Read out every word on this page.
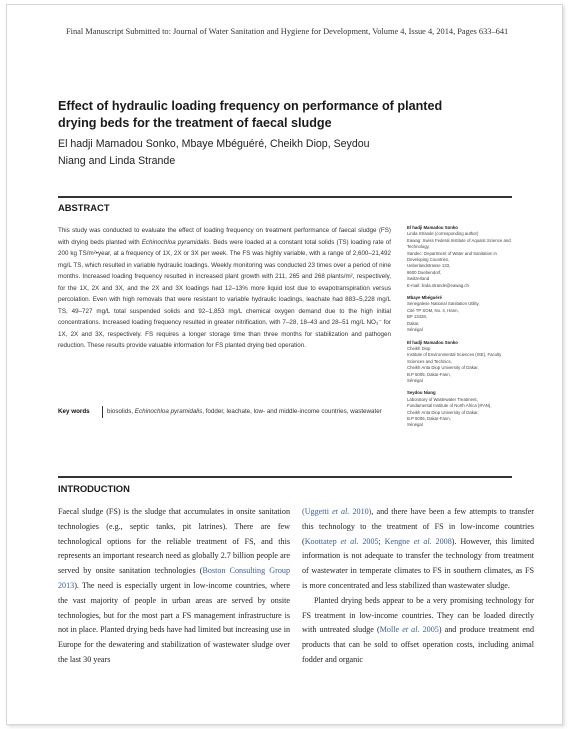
Final Manuscript Submitted to: Journal of Water Sanitation and Hygiene for Development, Volume 4, Issue 4, 2014, Pages 633–641
Effect of hydraulic loading frequency on performance of planted drying beds for the treatment of faecal sludge
El hadji Mamadou Sonko, Mbaye Mbéguéré, Cheikh Diop, Seydou Niang and Linda Strande
ABSTRACT
This study was conducted to evaluate the effect of loading frequency on treatment performance of faecal sludge (FS) with drying beds planted with Echinochloa pyramidalis. Beds were loaded at a constant total solids (TS) loading rate of 200 kg TS/m²•year, at a frequency of 1X, 2X or 3X per week. The FS was highly variable, with a range of 2,600–21,492 mg/L TS, which resulted in variable hydraulic loadings. Weekly monitoring was conducted 23 times over a period of nine months. Increased loading frequency resulted in increased plant growth with 211, 265 and 268 plants/m², respectively, for the 1X, 2X and 3X, and the 2X and 3X loadings had 12–13% more liquid lost due to evapotranspiration versus percolation. Even with high removals that were resistant to variable hydraulic loadings, leachate had 883–5,228 mg/L TS, 49–727 mg/L total suspended solids and 92–1,853 mg/L chemical oxygen demand due to the high initial concentrations. Increased loading frequency resulted in greater nitrification, with 7–28, 18–43 and 28–51 mg/L NO₃⁻ for 1X, 2X and 3X, respectively. FS requires a longer storage time than three months for stabilization and pathogen reduction. These results provide valuable information for FS planted drying bed operation.
Key words	biosolids, Echinochloa pyramidalis, fodder, leachate, low- and middle-income countries, wastewater
El hadji Mamadou Sonko
Linda Strande (corresponding author)
Eawag: Swiss Federal Institute of Aquatic Science and Technology,
Sandec: Department of Water and Sanitation in Developing Countries,
Ueberlandstrasse 133,
8600 Duebendorf,
Switzerland
E-mail: linda.strande@eawag.ch
Mbaye Mbéguéré
Senegalese National Sanitation Utility,
Cité TP SOM, No. 4, Hann,
BP 13428,
Dakar,
Sénégal
El hadji Mamadou Sonko
Cheikh Diop
Institute of Environmental Sciences (ISE), Faculty Sciences and Technics,
Cheikh Anta Diop University of Dakar,
B.P 5005, Dakar-Fann,
Sénégal
Seydou Niang
Laboratory of Wastewater Treatment,
Fundamental Institute of North Africa (IFAN),
Cheikh Anta Diop University of Dakar,
B.P 5005, Dakar-Fann,
Sénégal
INTRODUCTION

Faecal sludge (FS) is the sludge that accumulates in onsite sanitation technologies (e.g., septic tanks, pit latrines). There are few technological options for the reliable treatment of FS, and this represents an important research need as globally 2.7 billion people are served by onsite sanitation technologies (Boston Consulting Group 2013). The need is especially urgent in low-income countries, where the vast majority of people in urban areas are served by onsite technologies, but for the most part a FS management infrastructure is not in place. Planted drying beds have had limited but increasing use in Europe for the dewatering and stabilization of wastewater sludge over the last 30 years

(Uggetti et al. 2010), and there have been a few attempts to transfer this technology to the treatment of FS in low-income countries (Koottatep et al. 2005; Kengne et al. 2008). However, this limited information is not adequate to transfer the technology from treatment of wastewater in temperate climates to FS in southern climates, as FS is more concentrated and less stabilized than wastewater sludge.

Planted drying beds appear to be a very promising technology for FS treatment in low-income countries. They can be loaded directly with untreated sludge (Molle et al. 2005) and produce treatment end products that can be sold to offset operation costs, including animal fodder and organic
